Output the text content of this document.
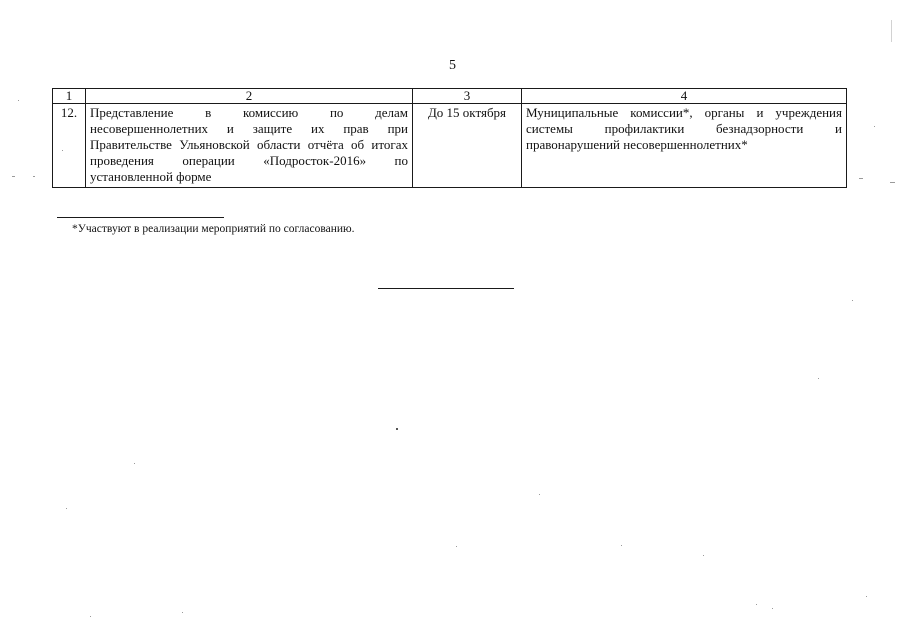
5
1	2	3	4
12.	Представление в комиссию по делам несовершеннолетних и защите их прав при Правительстве Ульяновской области отчёта об итогах проведения операции «Подросток-2016» по установленной форме	До 15 октября	Муниципальные комиссии*, органы и учреждения системы профилактики безнадзорности и правонарушений несовершеннолетних*
*Участвуют в реализации мероприятий по согласованию.
